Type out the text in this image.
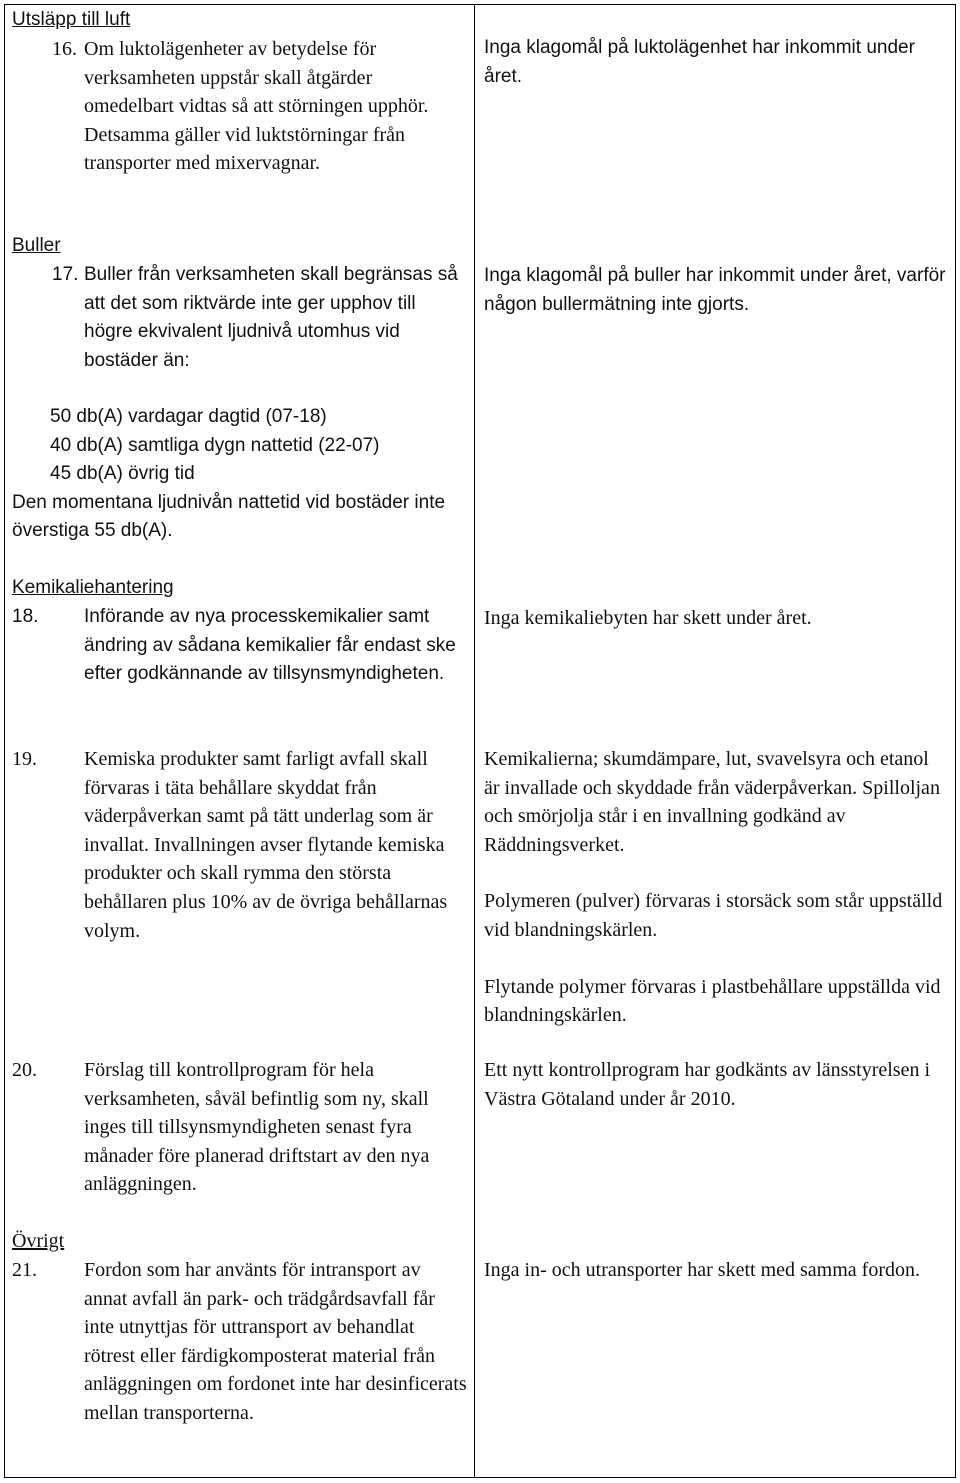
Utsläpp till luft

16. Om luktolägenheter av betydelse för verksamheten uppstår skall åtgärder omedelbart vidtas så att störningen upphör. Detsamma gäller vid luktstörningar från transporter med mixervagnar.

Inga klagomål på luktolägenhet har inkommit under året.

Buller

17. Buller från verksamheten skall begränsas så att det som riktvärde inte ger upphov till högre ekvivalent ljudnivå utomhus vid bostäder än:

Inga klagomål på buller har inkommit under året, varför någon bullermätning inte gjorts.

50 db(A) vardagar dagtid (07-18)

40 db(A) samtliga dygn nattetid (22-07)

45 db(A) övrig tid

Den momentana ljudnivån nattetid vid bostäder inte överstiga 55 db(A).

Kemikaliehantering

18. Införande av nya processkemikalier samt ändring av sådana kemikalier får endast ske efter godkännande av tillsynsmyndigheten.

Inga kemikaliebyten har skett under året.

19. Kemiska produkter samt farligt avfall skall förvaras i täta behållare skyddat från väderpåverkan samt på tätt underlag som är invallat. Invallningen avser flytande kemiska produkter och skall rymma den största behållaren plus 10% av de övriga behållarnas volym.

Kemikalierna; skumdämpare, lut, svavelsyra och etanol är invallade och skyddade från väderpåverkan. Spilloljan och smörjolja står i en invallning godkänd av Räddningsverket.

Polymeren (pulver) förvaras i storsäck som står uppställd vid blandningskärlen.

Flytande polymer förvaras i plastbehållare uppställda vid blandningskärlen.

20. Förslag till kontrollprogram för hela verksamheten, såväl befintlig som ny, skall inges till tillsynsmyndigheten senast fyra månader före planerad driftstart av den nya anläggningen.

Ett nytt kontrollprogram har godkänts av länsstyrelsen i Västra Götaland under år 2010.

Övrigt

21. Fordon som har använts för intransport av annat avfall än park- och trädgårdsavfall får inte utnyttjas för uttransport av behandlat rötrest eller färdigkomposterat material från anläggningen om fordonet inte har desinficerats mellan transporterna.

Inga in- och utransporter har skett med samma fordon.
